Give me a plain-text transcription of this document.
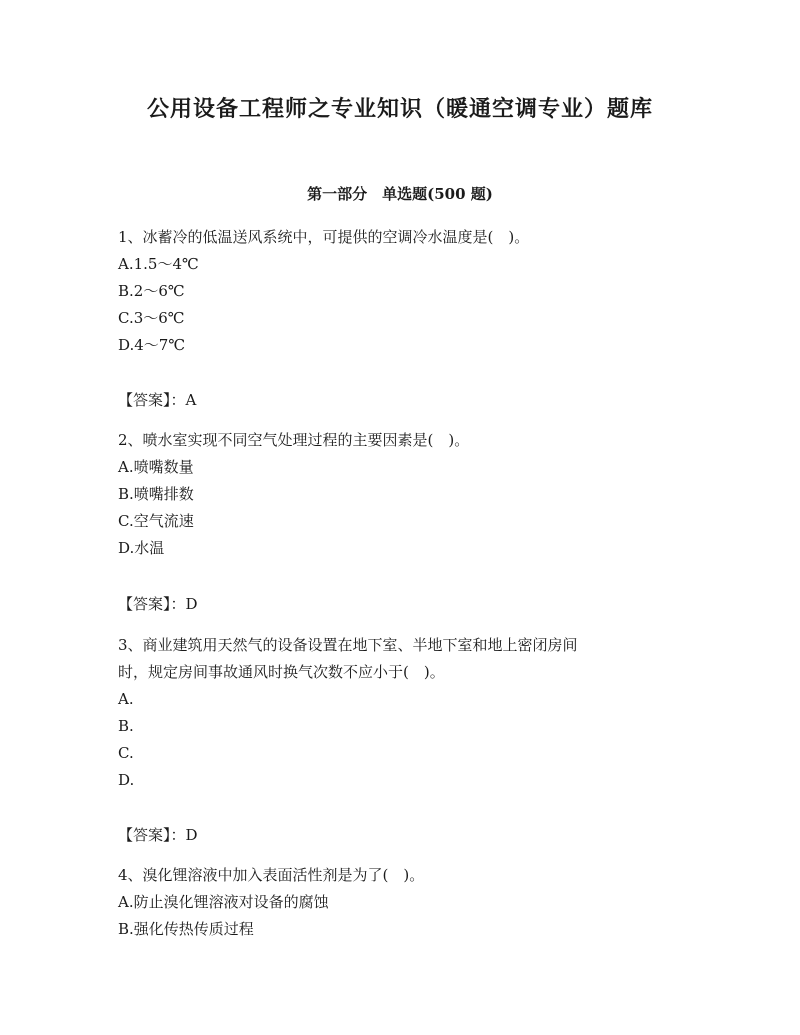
公用设备工程师之专业知识（暖通空调专业）题库
第一部分　单选题(500 题)
1、冰蓄冷的低温送风系统中，可提供的空调冷水温度是(　)。
A.1.5～4℃
B.2～6℃
C.3～6℃
D.4～7℃
【答案】：A
2、喷水室实现不同空气处理过程的主要因素是(　)。
A.喷嘴数量
B.喷嘴排数
C.空气流速
D.水温
【答案】：D
3、商业建筑用天然气的设备设置在地下室、半地下室和地上密闭房间
时，规定房间事故通风时换气次数不应小于(　)。
A.
B.
C.
D.
【答案】：D
4、溴化锂溶液中加入表面活性剂是为了(　)。
A.防止溴化锂溶液对设备的腐蚀
B.强化传热传质过程
